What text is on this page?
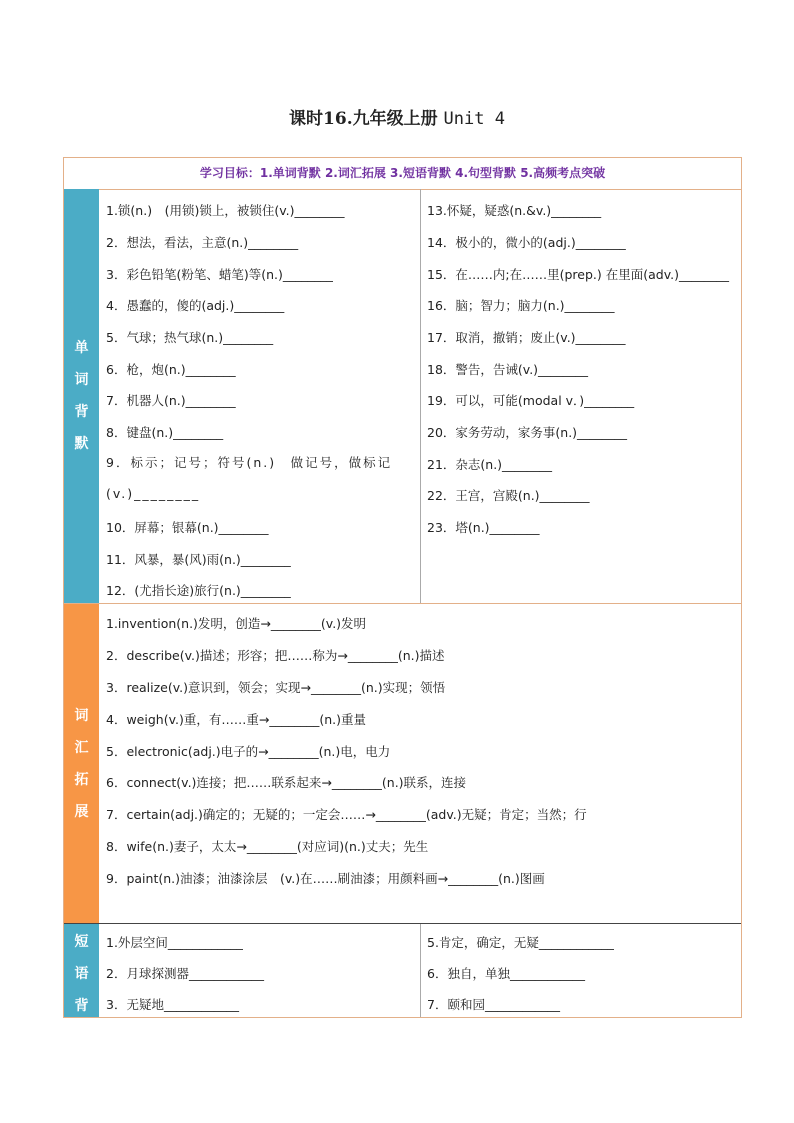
课时16.九年级上册 Unit 4
学习目标：1.单词背默 2.词汇拓展 3.短语背默 4.句型背默 5.高频考点突破
单
词
背
默
1.锁(n.)　(用锁)锁上，被锁住(v.)________
2．想法，看法，主意(n.)________
3．彩色铅笔(粉笔、蜡笔)等(n.)________
4．愚蠢的，傻的(adj.)________
5．气球；热气球(n.)________
6．枪，炮(n.)________
7．机器人(n.)________
8．键盘(n.)________
9．标示；记号；符号(n.)　做记号，做标记(v.)________
10．屏幕；银幕(n.)________
11．风暴，暴(风)雨(n.)________
12．(尤指长途)旅行(n.)________
13.怀疑，疑惑(n.&v.)________
14．极小的，微小的(adj.)________
15．在……内;在……里(prep.) 在里面(adv.)________
16．脑；智力；脑力(n.)________
17．取消，撤销；废止(v.)________
18．警告，告诫(v.)________
19．可以，可能(modal v．)________
20．家务劳动，家务事(n.)________
21．杂志(n.)________
22．王宫，宫殿(n.)________
23．塔(n.)________
词
汇
拓
展
1.invention(n.)发明，创造→________(v.)发明
2．describe(v.)描述；形容；把……称为→________(n.)描述
3．realize(v.)意识到，领会；实现→________(n.)实现；领悟
4．weigh(v.)重，有……重→________(n.)重量
5．electronic(adj.)电子的→________(n.)电，电力
6．connect(v.)连接；把……联系起来→________(n.)联系，连接
7．certain(adj.)确定的；无疑的；一定会……→________(adv.)无疑；肯定；当然；行
8．wife(n.)妻子，太太→________(对应词)(n.)丈夫；先生
9．paint(n.)油漆；油漆涂层　(v.)在……刷油漆；用颜料画→________(n.)图画
短
语
背
1.外层空间____________
2．月球探测器____________
3．无疑地____________
5.肯定，确定，无疑____________
6．独自，单独____________
7．颐和园____________
